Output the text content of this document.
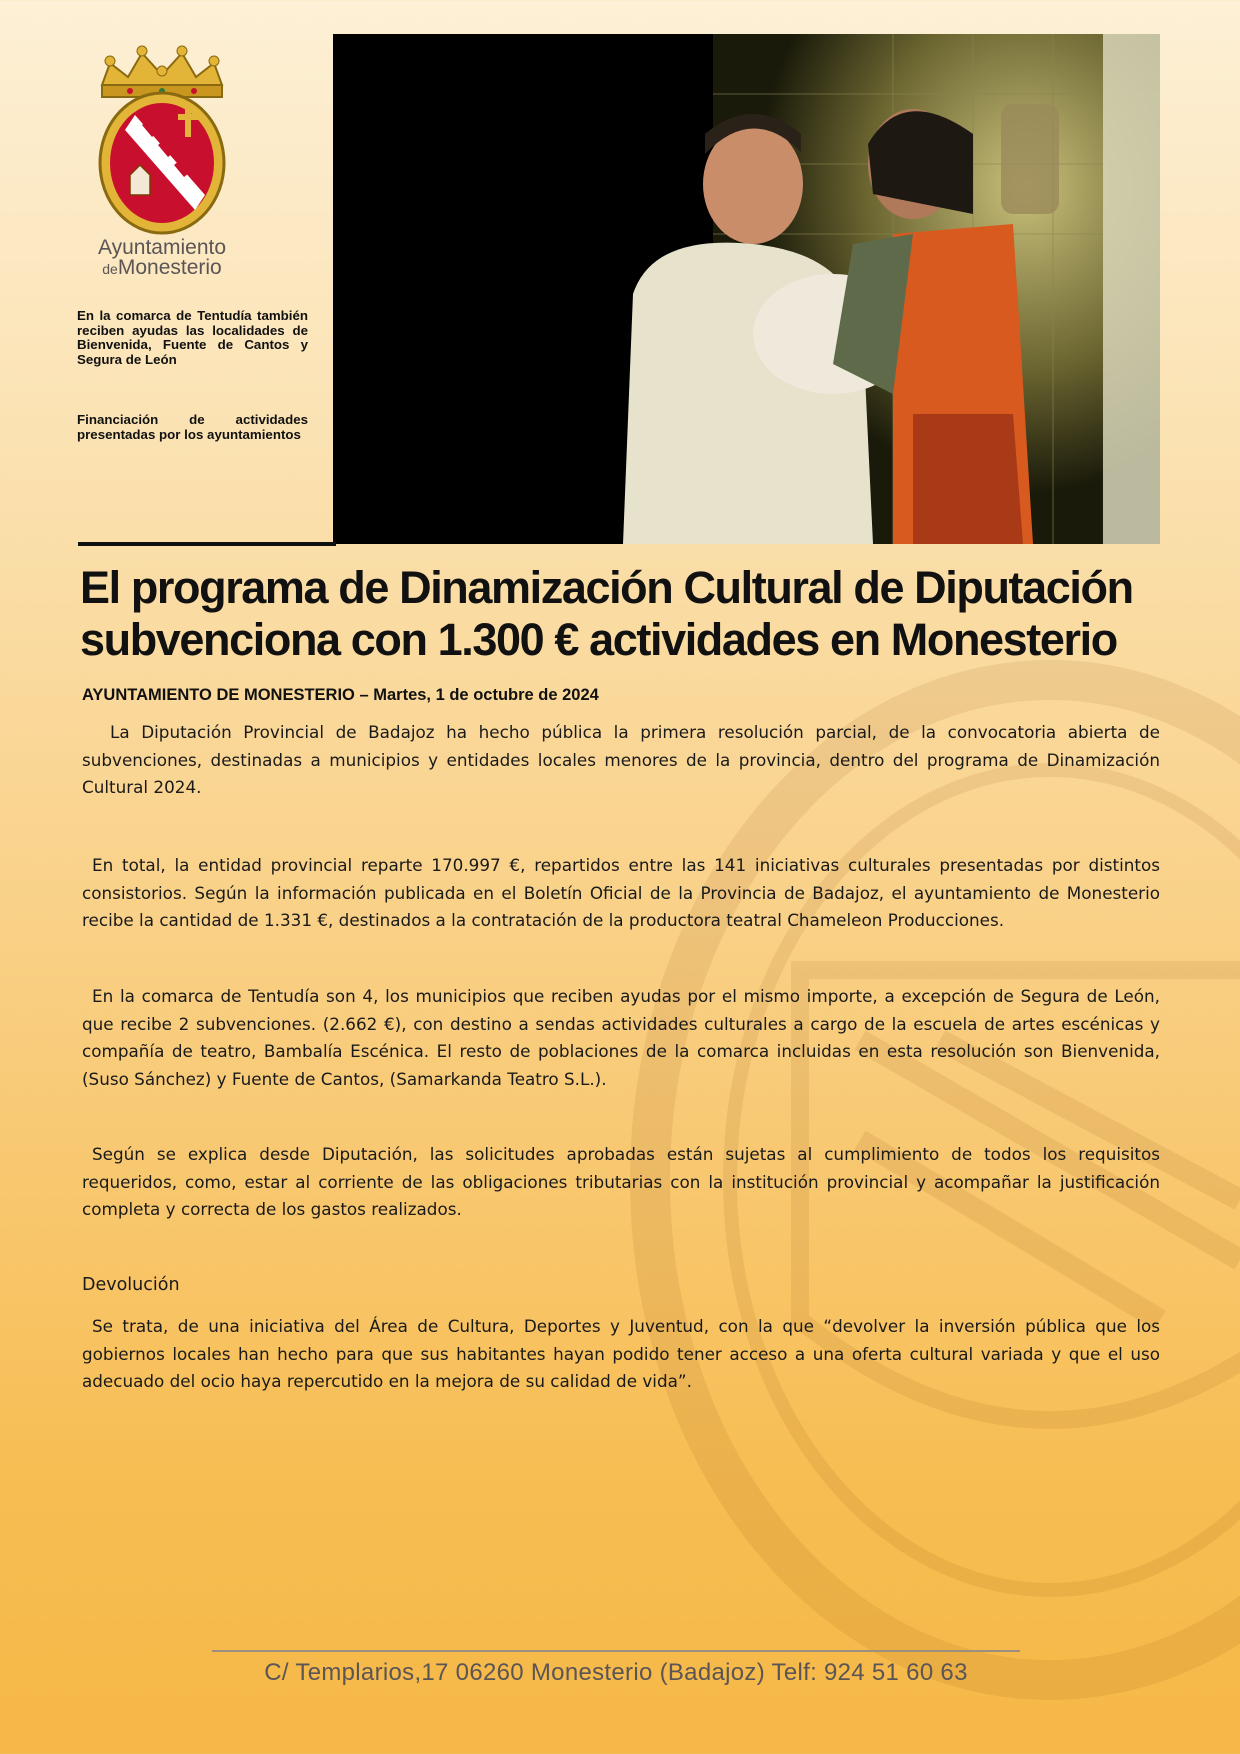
Ayuntamiento
deMonesterio
En la comarca de Tentudía también reciben ayudas las localidades de Bienvenida, Fuente de Cantos y Segura de León
Financiación de actividades presentadas por los ayuntamientos
El programa de Dinamización Cultural de Diputación
subvenciona con 1.300 € actividades en Monesterio
AYUNTAMIENTO DE MONESTERIO – Martes, 1 de octubre de 2024

La Diputación Provincial de Badajoz ha hecho pública la primera resolución parcial, de la convocatoria abierta de subvenciones, destinadas a municipios y entidades locales menores de la provincia, dentro del programa de Dinamización Cultural 2024.

En total, la entidad provincial reparte 170.997 €, repartidos entre las 141 iniciativas culturales presentadas por distintos consistorios. Según la información publicada en el Boletín Oficial de la Provincia de Badajoz, el ayuntamiento de Monesterio recibe la cantidad de 1.331 €, destinados a la contratación de la productora teatral Chameleon Producciones.

En la comarca de Tentudía son 4, los municipios que reciben ayudas por el mismo importe, a excepción de Segura de León, que recibe 2 subvenciones. (2.662 €), con destino a sendas actividades culturales a cargo de la escuela de artes escénicas y compañía de teatro, Bambalía Escénica. El resto de poblaciones de la comarca incluidas en esta resolución son Bienvenida, (Suso Sánchez) y Fuente de Cantos, (Samarkanda Teatro S.L.).

Según se explica desde Diputación, las solicitudes aprobadas están sujetas al cumplimiento de todos los requisitos requeridos, como, estar al corriente de las obligaciones tributarias con la institución provincial y acompañar la justificación completa y correcta de los gastos realizados.

Devolución

Se trata, de una iniciativa del Área de Cultura, Deportes y Juventud, con la que “devolver la inversión pública que los gobiernos locales han hecho para que sus habitantes hayan podido tener acceso a una oferta cultural variada y que el uso adecuado del ocio haya repercutido en la mejora de su calidad de vida”.

C/ Templarios,17 06260 Monesterio (Badajoz) Telf: 924 51 60 63
